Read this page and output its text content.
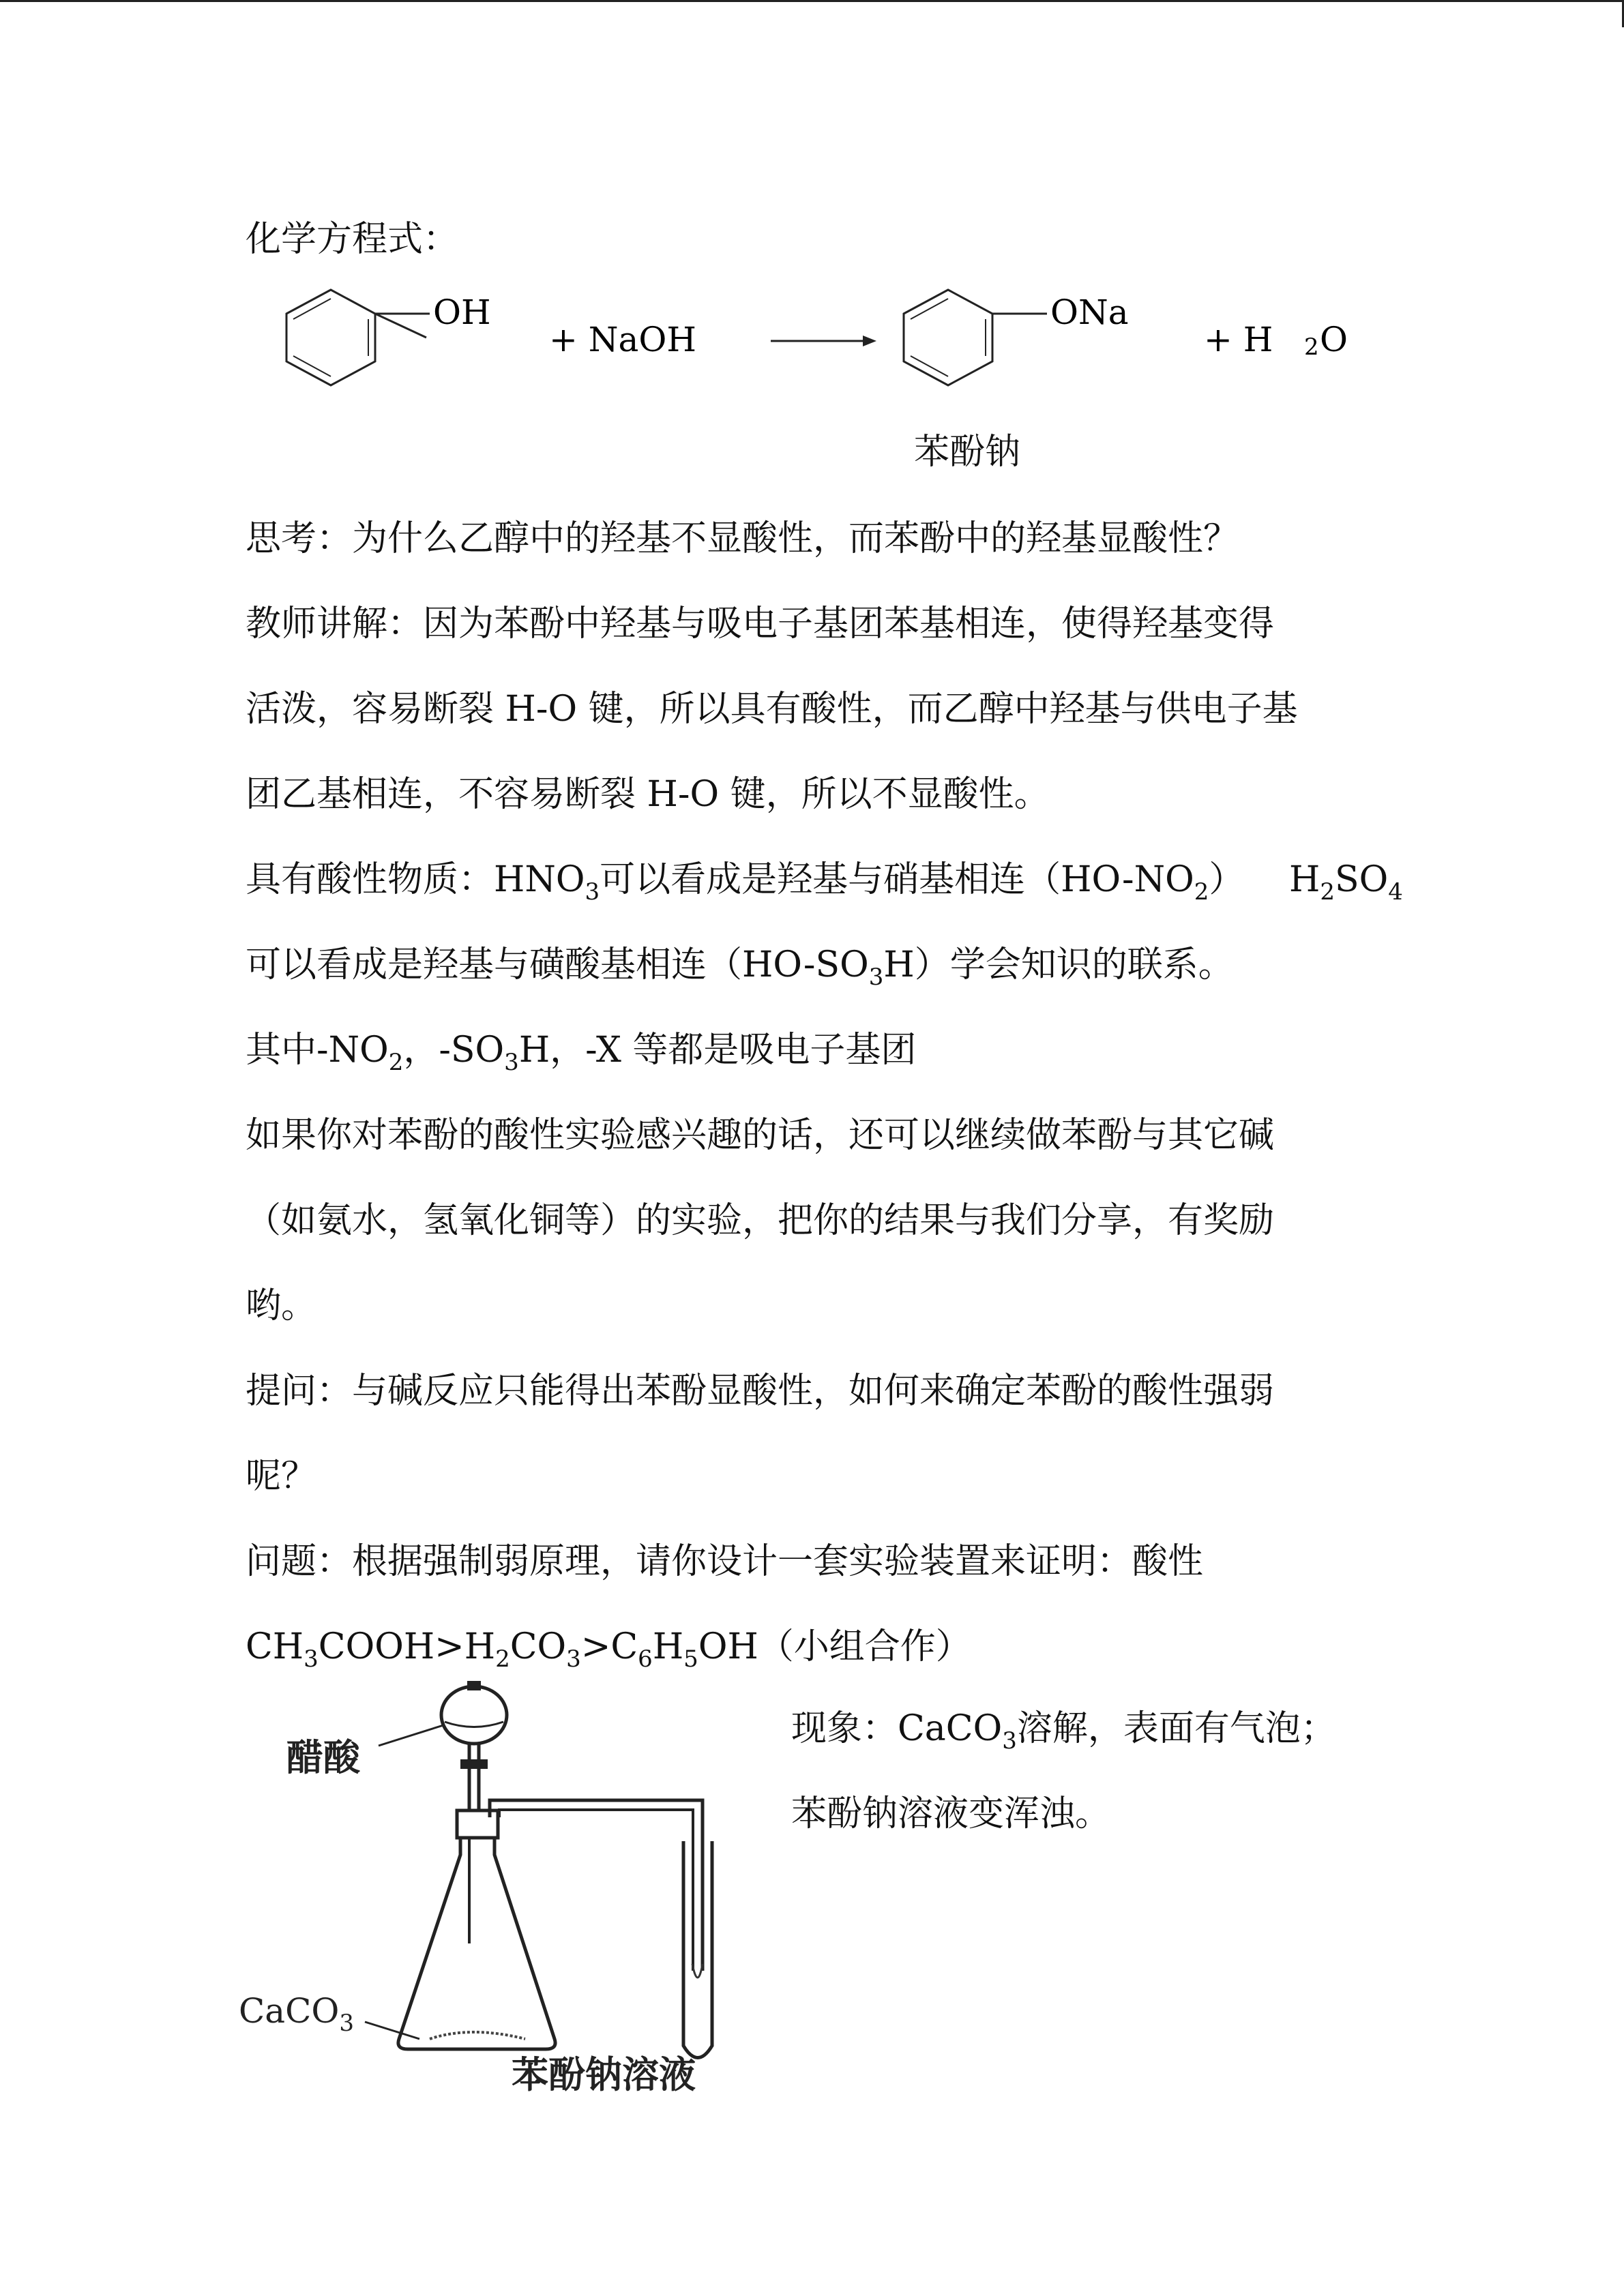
化学方程式：
OH
+ NaOH
ONa
+ H 2 O
苯酚钠
思考：为什么乙醇中的羟基不显酸性，而苯酚中的羟基显酸性？
教师讲解：因为苯酚中羟基与吸电子基团苯基相连，使得羟基变得
活泼，容易断裂 H-O 键，所以具有酸性，而乙醇中羟基与供电子基
团乙基相连，不容易断裂 H-O 键，所以不显酸性。
具有酸性物质：$HNO_3$可以看成是羟基与硝基相连$(HO-NO_2)$ $H_2SO_4$
可以看成是羟基与磺酸基相连$(HO-SO_3H)$学会知识的联系。
其中$-NO_2$，$-SO_3H$，-X 等都是吸电子基团
如果你对苯酚的酸性实验感兴趣的话，还可以继续做苯酚与其它碱
（如氨水，氢氧化铜等）的实验，把你的结果与我们分享，有奖励
哟。
提问：与碱反应只能得出苯酚显酸性，如何来确定苯酚的酸性强弱
呢？
问题：根据强制弱原理，请你设计一套实验装置来证明：酸性
$CH_3COOH>H_2CO_3>C_6H_5OH$（小组合作）
醋酸
CaCO$_3$
苯酚钠溶液
现象：CaCO$_3$溶解，表面有气泡；
苯酚钠溶液变浑浊。
